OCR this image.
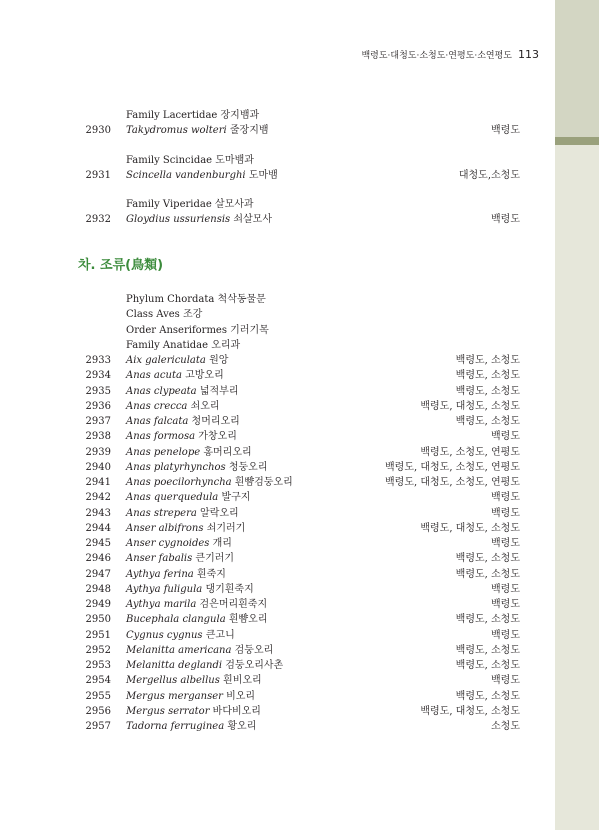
백령도·대청도·소청도·연평도·소연평도 113
Family Lacertidae 장지뱀과
2930 Takydromus wolteri 줄장지뱀	백령도
Family Scincidae 도마뱀과
2931 Scincella vandenburghi 도마뱀	대청도,소청도
Family Viperidae 살모사과
2932 Gloydius ussuriensis 쇠살모사	백령도
차. 조류(鳥類)
Phylum Chordata 척삭동물문
Class Aves 조강
Order Anseriformes 기러기목
Family Anatidae 오리과
2933 Aix galericulata 원앙	백령도, 소청도
2934 Anas acuta 고방오리	백령도, 소청도
2935 Anas clypeata 넓적부리	백령도, 소청도
2936 Anas crecca 쇠오리	백령도, 대청도, 소청도
2937 Anas falcata 청머리오리	백령도, 소청도
2938 Anas formosa 가창오리	백령도
2939 Anas penelope 홍머리오리	백령도, 소청도, 연평도
2940 Anas platyrhynchos 청둥오리	백령도, 대청도, 소청도, 연평도
2941 Anas poecilorhyncha 흰뺨검둥오리	백령도, 대청도, 소청도, 연평도
2942 Anas querquedula 발구지	백령도
2943 Anas strepera 알락오리	백령도
2944 Anser albifrons 쇠기러기	백령도, 대청도, 소청도
2945 Anser cygnoides 개리	백령도
2946 Anser fabalis 큰기러기	백령도, 소청도
2947 Aythya ferina 흰죽지	백령도, 소청도
2948 Aythya fuligula 댕기흰죽지	백령도
2949 Aythya marila 검은머리흰죽지	백령도
2950 Bucephala clangula 흰뺨오리	백령도, 소청도
2951 Cygnus cygnus 큰고니	백령도
2952 Melanitta americana 검둥오리	백령도, 소청도
2953 Melanitta deglandi 검둥오리사촌	백령도, 소청도
2954 Mergellus albellus 흰비오리	백령도
2955 Mergus merganser 비오리	백령도, 소청도
2956 Mergus serrator 바다비오리	백령도, 대청도, 소청도
2957 Tadorna ferruginea 황오리	소청도
